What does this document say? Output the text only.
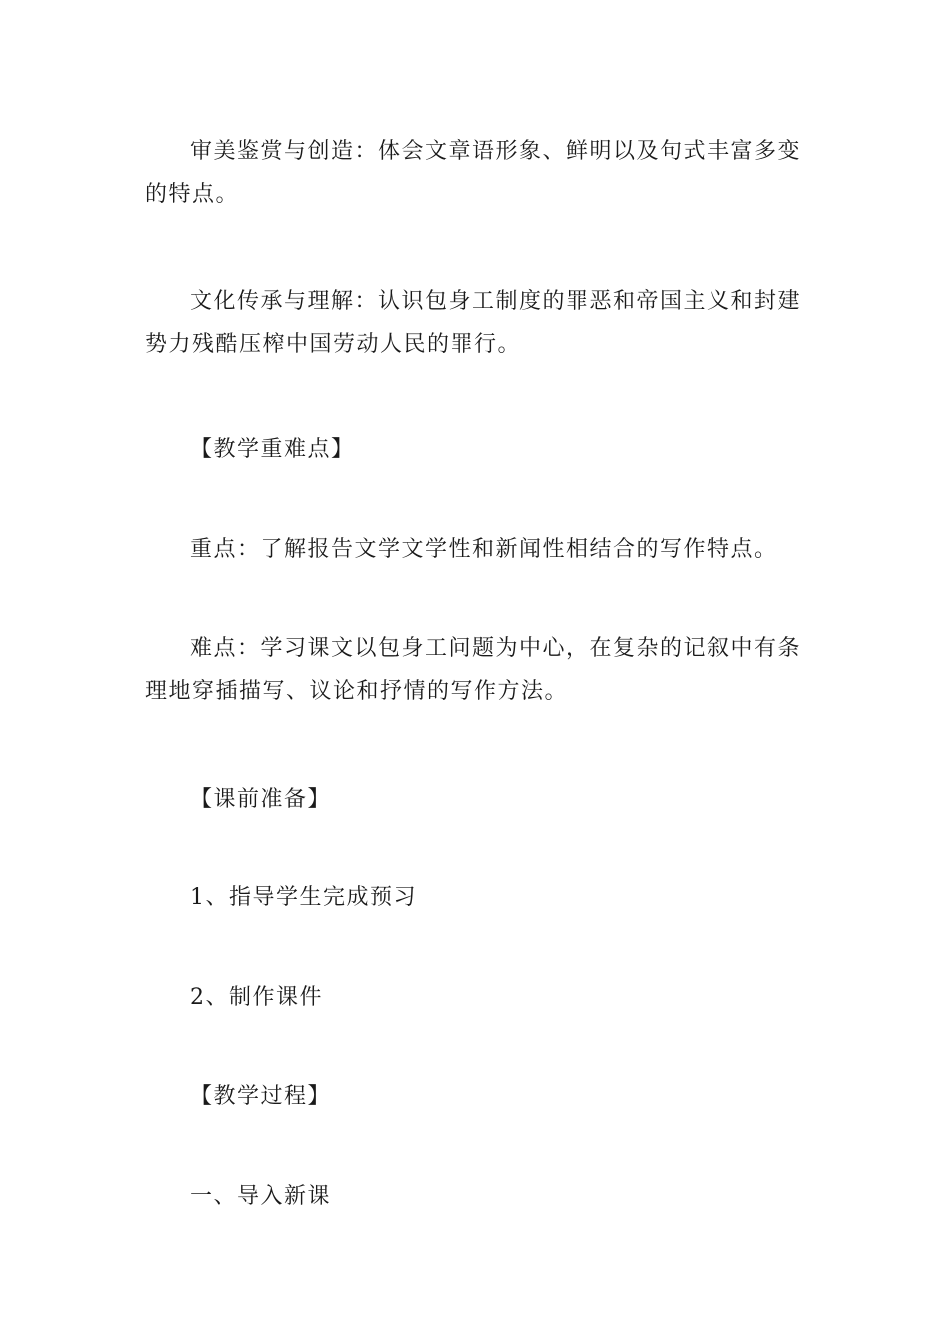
审美鉴赏与创造：体会文章语形象、鲜明以及句式丰富多变的特点。

文化传承与理解：认识包身工制度的罪恶和帝国主义和封建势力残酷压榨中国劳动人民的罪行。

【教学重难点】

重点：了解报告文学文学性和新闻性相结合的写作特点。

难点：学习课文以包身工问题为中心，在复杂的记叙中有条理地穿插描写、议论和抒情的写作方法。

【课前准备】

1、指导学生完成预习

2、制作课件

【教学过程】

一、导入新课
